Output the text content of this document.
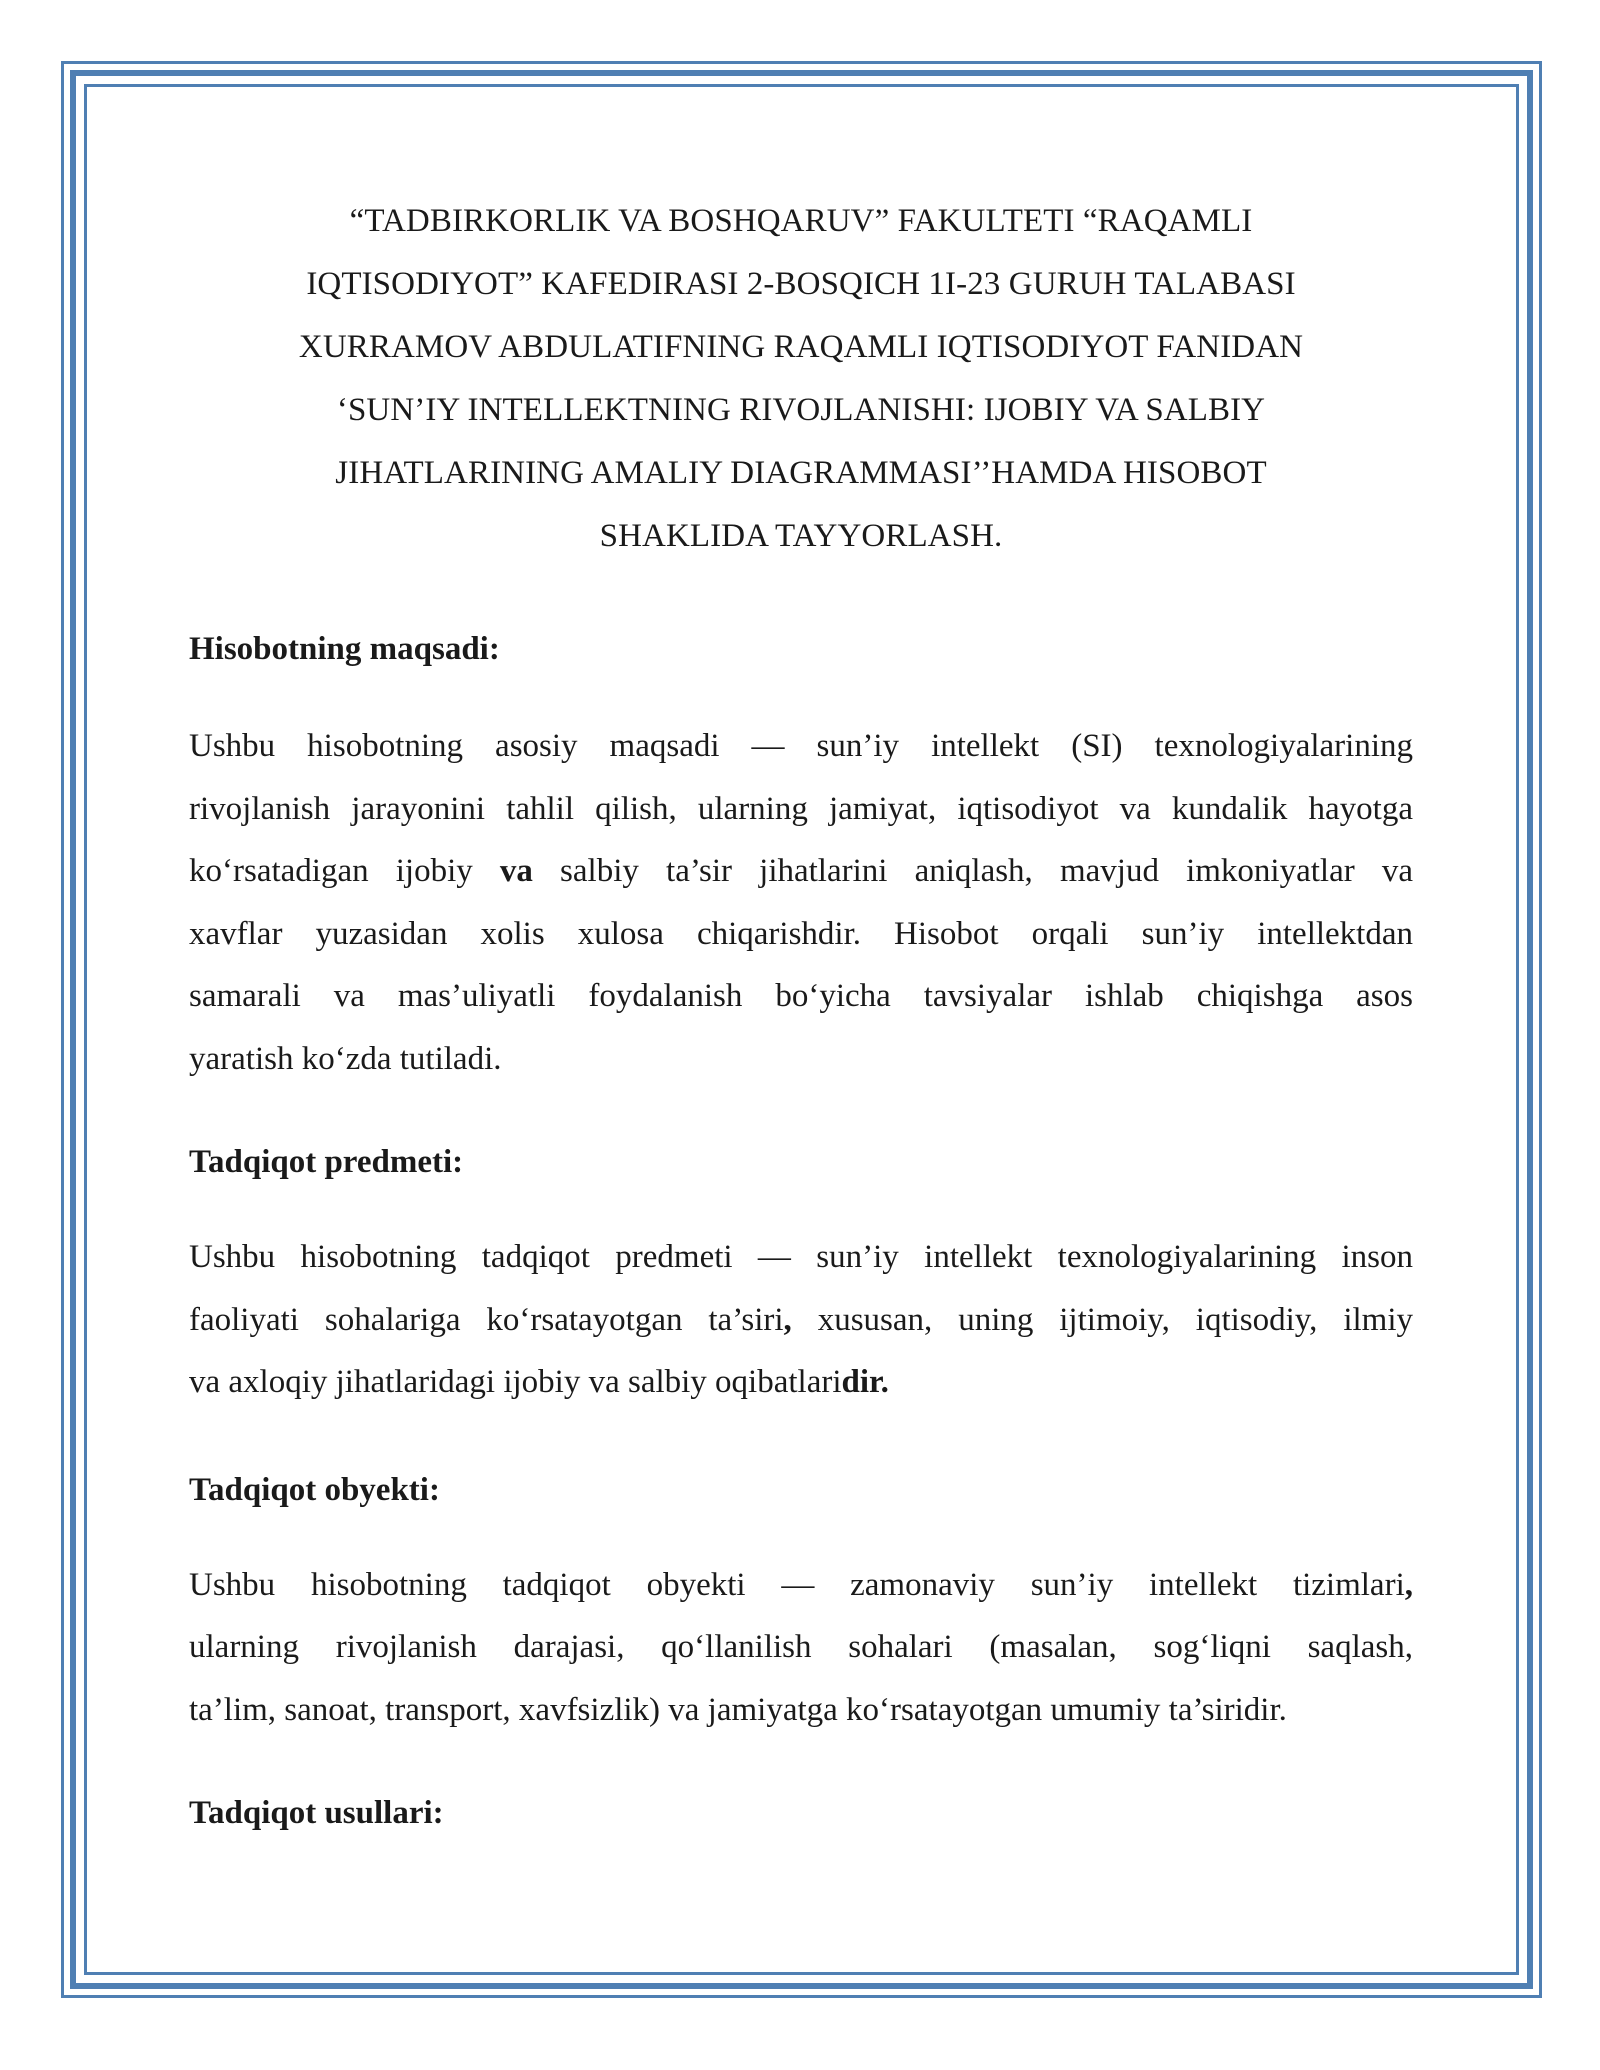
“TADBIRKORLIK VA BOSHQARUV” FAKULTETI “RAQAMLI
IQTISODIYOT” KAFEDIRASI 2-BOSQICH 1I-23 GURUH TALABASI
XURRAMOV ABDULATIFNING RAQAMLI IQTISODIYOT FANIDAN
‘SUN’IY INTELLEKTNING RIVOJLANISHI: IJOBIY VA SALBIY
JIHATLARINING AMALIY DIAGRAMMASI’’HAMDA HISOBOT
SHAKLIDA TAYYORLASH.

Hisobotning maqsadi:

Ushbu hisobotning asosiy maqsadi — sun’iy intellekt (SI) texnologiyalarining
rivojlanish jarayonini tahlil qilish, ularning jamiyat, iqtisodiyot va kundalik hayotga
ko‘rsatadigan ijobiy va salbiy ta’sir jihatlarini aniqlash, mavjud imkoniyatlar va
xavflar yuzasidan xolis xulosa chiqarishdir. Hisobot orqali sun’iy intellektdan
samarali va mas’uliyatli foydalanish bo‘yicha tavsiyalar ishlab chiqishga asos
yaratish ko‘zda tutiladi.

Tadqiqot predmeti:

Ushbu hisobotning tadqiqot predmeti — sun’iy intellekt texnologiyalarining inson
faoliyati sohalariga ko‘rsatayotgan ta’siri, xususan, uning ijtimoiy, iqtisodiy, ilmiy
va axloqiy jihatlaridagi ijobiy va salbiy oqibatlaridir.

Tadqiqot obyekti:

Ushbu hisobotning tadqiqot obyekti — zamonaviy sun’iy intellekt tizimlari,
ularning rivojlanish darajasi, qo‘llanilish sohalari (masalan, sog‘liqni saqlash,
ta’lim, sanoat, transport, xavfsizlik) va jamiyatga ko‘rsatayotgan umumiy ta’siridir.

Tadqiqot usullari:
